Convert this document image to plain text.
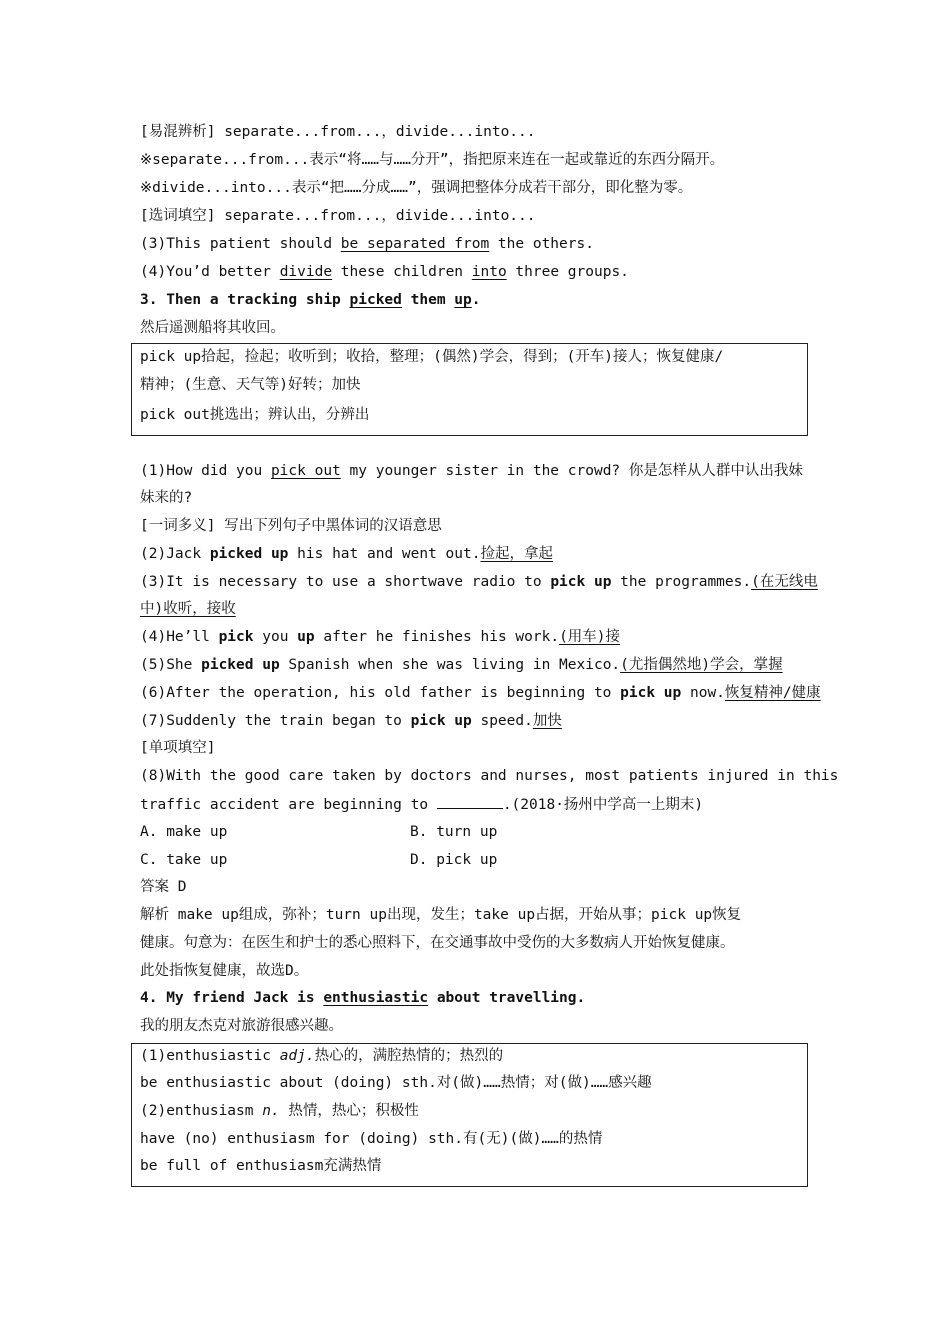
[易混辨析] separate...from...，divide...into...
※separate...from...表示“将……与……分开”，指把原来连在一起或靠近的东西分隔开。
※divide...into...表示“把……分成……”，强调把整体分成若干部分，即化整为零。
[选词填空] separate...from...，divide...into...
(3)This patient should be separated from the others.
(4)You’d better divide these children into three groups.
3. Then a tracking ship picked them up.
然后遥测船将其收回。
pick up拾起，捡起；收听到；收拾，整理；(偶然)学会，得到；(开车)接人；恢复健康/
精神；(生意、天气等)好转；加快
pick out挑选出；辨认出，分辨出
(1)How did you pick out my younger sister in the crowd? 你是怎样从人群中认出我妹
妹来的?
[一词多义] 写出下列句子中黑体词的汉语意思
(2)Jack picked up his hat and went out.捡起，拿起
(3)It is necessary to use a shortwave radio to pick up the programmes.(在无线电
中)收听，接收
(4)He’ll pick you up after he finishes his work.(用车)接
(5)She picked up Spanish when she was living in Mexico.(尤指偶然地)学会，掌握
(6)After the operation, his old father is beginning to pick up now.恢复精神/健康
(7)Suddenly the train began to pick up speed.加快
[单项填空]
(8)With the good care taken by doctors and nurses, most patients injured in this
traffic accident are beginning to	.(2018·扬州中学高一上期末)
A. make up	B. turn up
C. take up	D. pick up
答案 D
解析 make up组成，弥补；turn up出现，发生；take up占据，开始从事；pick up恢复
健康。句意为：在医生和护士的悉心照料下，在交通事故中受伤的大多数病人开始恢复健康。
此处指恢复健康，故选D。
4. My friend Jack is enthusiastic about travelling.
我的朋友杰克对旅游很感兴趣。
(1)enthusiastic adj.热心的，满腔热情的；热烈的
be enthusiastic about (doing) sth.对(做)……热情；对(做)……感兴趣
(2)enthusiasm n. 热情，热心；积极性
have (no) enthusiasm for (doing) sth.有(无)(做)……的热情
be full of enthusiasm充满热情
